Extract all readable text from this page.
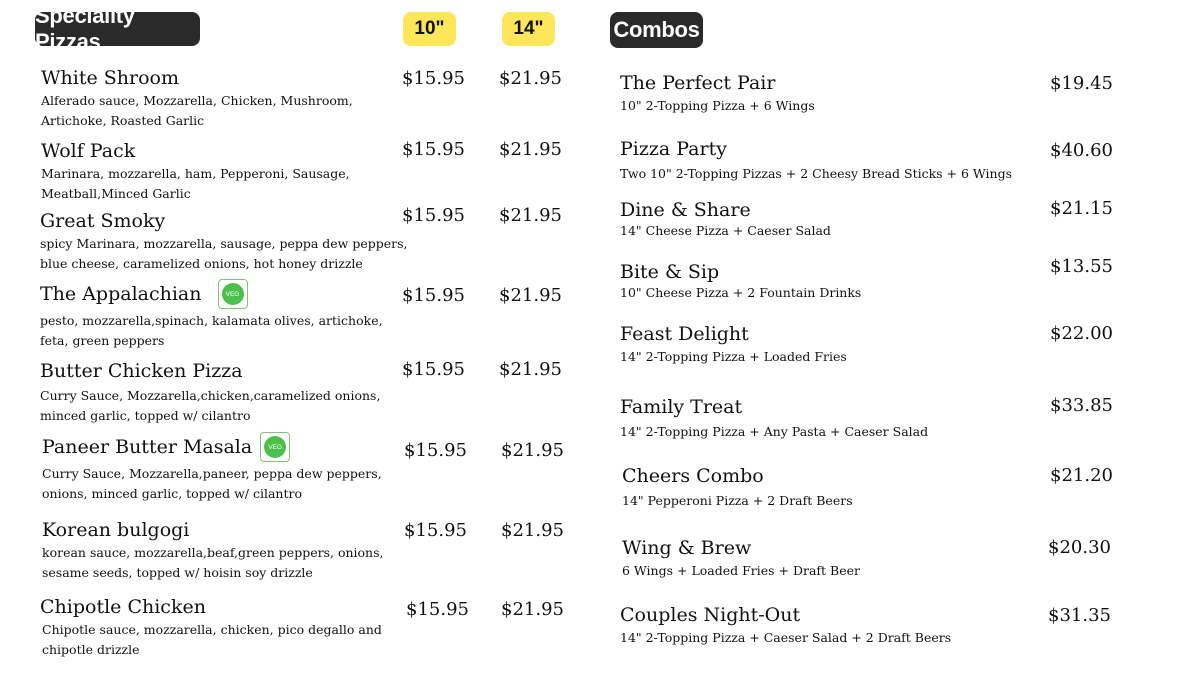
Speciality Pizzas
10"	14"	Combos
White Shroom
Alferado sauce, Mozzarella, Chicken, Mushroom,
Artichoke, Roasted Garlic
$15.95 $21.95
Wolf Pack
Marinara, mozzarella, ham, Pepperoni, Sausage,
Meatball,Minced Garlic
$15.95 $21.95
Great Smoky
spicy Marinara, mozzarella, sausage, peppa dew peppers,
blue cheese, caramelized onions, hot honey drizzle
$15.95 $21.95
The Appalachian	VEG
pesto, mozzarella,spinach, kalamata olives, artichoke,
feta, green peppers
$15.95 $21.95
Butter Chicken Pizza
Curry Sauce, Mozzarella,chicken,caramelized onions,
minced garlic, topped w/ cilantro
$15.95 $21.95
Paneer Butter Masala	VEG
Curry Sauce, Mozzarella,paneer, peppa dew peppers,
onions, minced garlic, topped w/ cilantro
$15.95 $21.95
Korean bulgogi
korean sauce, mozzarella,beaf,green peppers, onions,
sesame seeds, topped w/ hoisin soy drizzle
$15.95 $21.95
Chipotle Chicken
Chipotle sauce, mozzarella, chicken, pico degallo and
chipotle drizzle
$15.95 $21.95
The Perfect Pair
10" 2-Topping Pizza + 6 Wings
$19.45
Pizza Party
Two 10" 2-Topping Pizzas + 2 Cheesy Bread Sticks + 6 Wings
$40.60
Dine & Share
14" Cheese Pizza + Caeser Salad
$21.15
Bite & Sip
10" Cheese Pizza + 2 Fountain Drinks
$13.55
Feast Delight
14" 2-Topping Pizza + Loaded Fries
$22.00
Family Treat
14" 2-Topping Pizza + Any Pasta + Caeser Salad
$33.85
Cheers Combo
14" Pepperoni Pizza + 2 Draft Beers
$21.20
Wing & Brew
6 Wings + Loaded Fries + Draft Beer
$20.30
Couples Night-Out
14" 2-Topping Pizza + Caeser Salad + 2 Draft Beers
$31.35
